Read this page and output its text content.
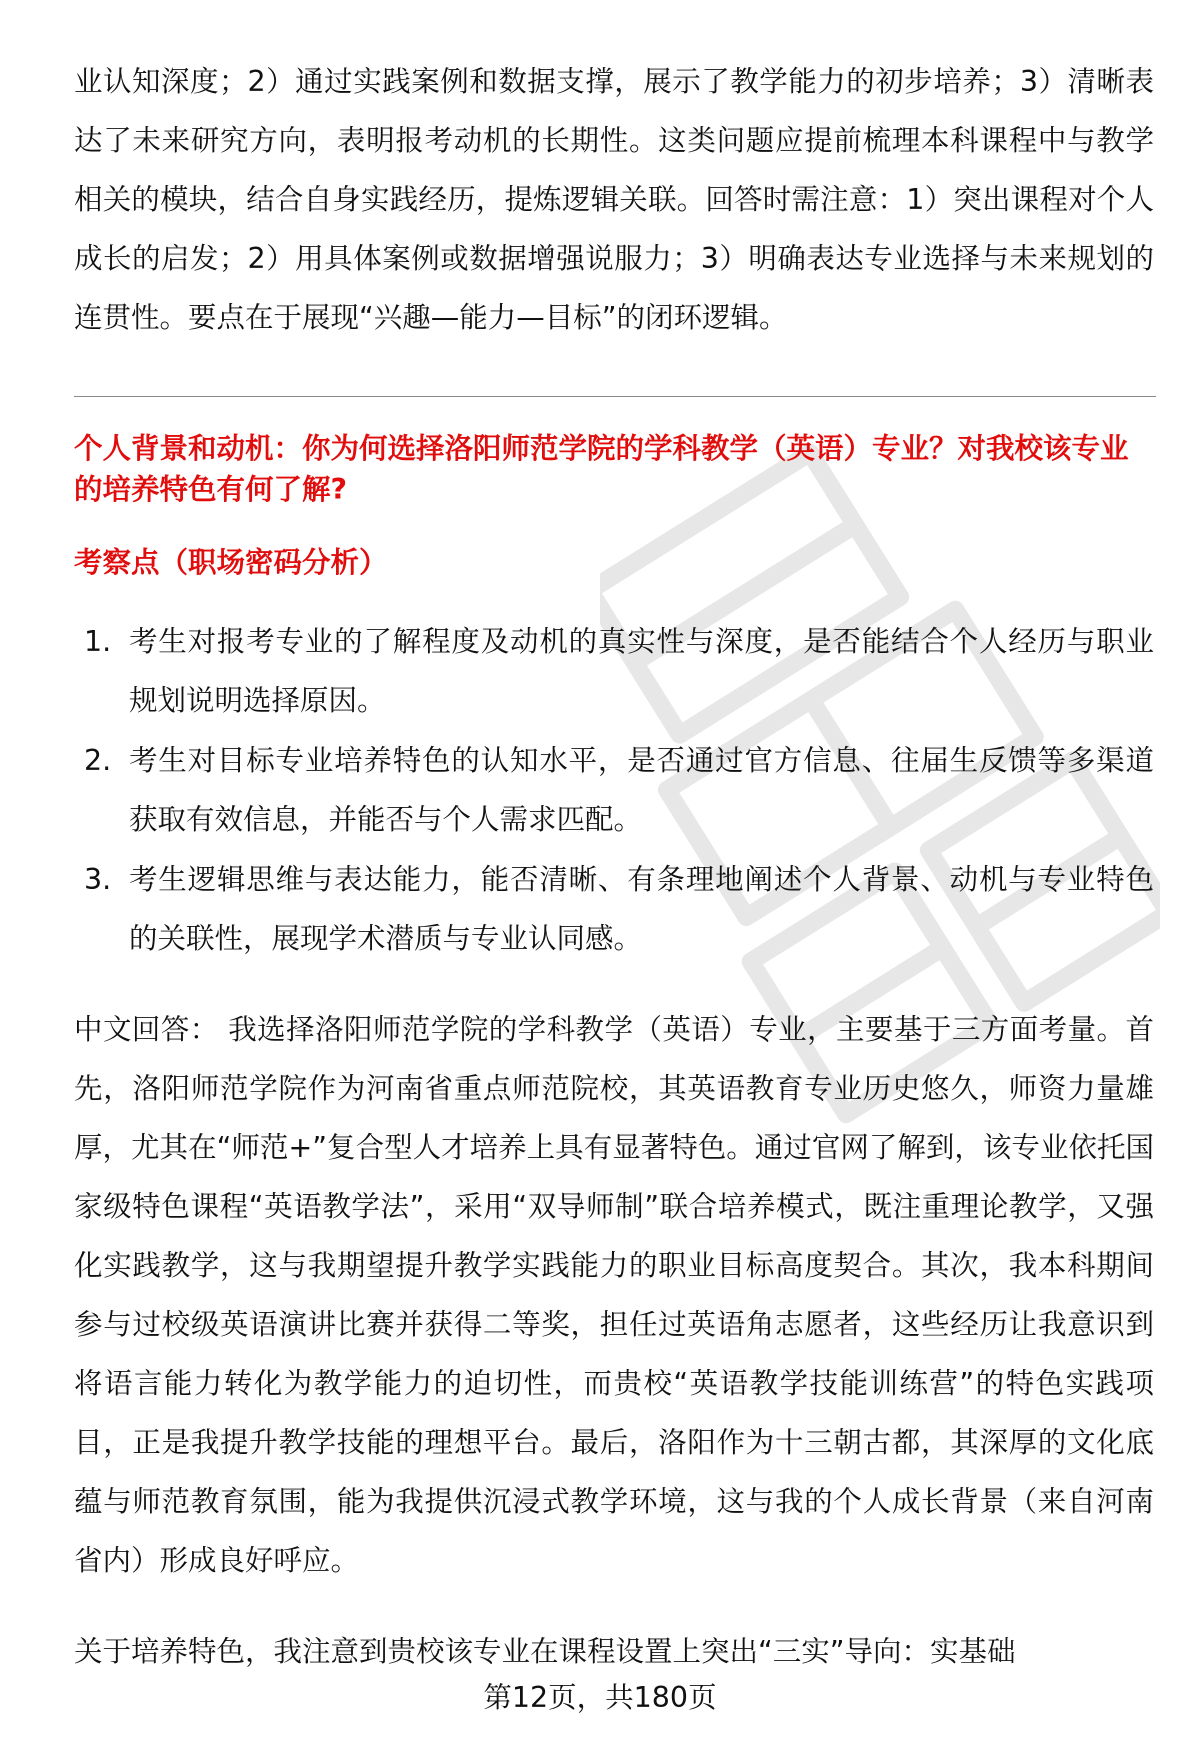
业认知深度；2）通过实践案例和数据支撑，展示了教学能力的初步培养；3）清晰表达了未来研究方向，表明报考动机的长期性。这类问题应提前梳理本科课程中与教学相关的模块，结合自身实践经历，提炼逻辑关联。回答时需注意：1）突出课程对个人成长的启发；2）用具体案例或数据增强说服力；3）明确表达专业选择与未来规划的连贯性。要点在于展现“兴趣—能力—目标”的闭环逻辑。

个人背景和动机：你为何选择洛阳师范学院的学科教学（英语）专业？对我校该专业的培养特色有何了解?

考察点（职场密码分析）

1. 考生对报考专业的了解程度及动机的真实性与深度，是否能结合个人经历与职业规划说明选择原因。
2. 考生对目标专业培养特色的认知水平，是否通过官方信息、往届生反馈等多渠道获取有效信息，并能否与个人需求匹配。
3. 考生逻辑思维与表达能力，能否清晰、有条理地阐述个人背景、动机与专业特色的关联性，展现学术潜质与专业认同感。

中文回答： 我选择洛阳师范学院的学科教学（英语）专业，主要基于三方面考量。首先，洛阳师范学院作为河南省重点师范院校，其英语教育专业历史悠久，师资力量雄厚，尤其在“师范+”复合型人才培养上具有显著特色。通过官网了解到，该专业依托国家级特色课程“英语教学法”，采用“双导师制”联合培养模式，既注重理论教学，又强化实践教学，这与我期望提升教学实践能力的职业目标高度契合。其次，我本科期间参与过校级英语演讲比赛并获得二等奖，担任过英语角志愿者，这些经历让我意识到将语言能力转化为教学能力的迫切性，而贵校“英语教学技能训练营”的特色实践项目，正是我提升教学技能的理想平台。最后，洛阳作为十三朝古都，其深厚的文化底蕴与师范教育氛围，能为我提供沉浸式教学环境，这与我的个人成长背景（来自河南省内）形成良好呼应。

关于培养特色，我注意到贵校该专业在课程设置上突出“三实”导向：实基础

第12页，共180页
